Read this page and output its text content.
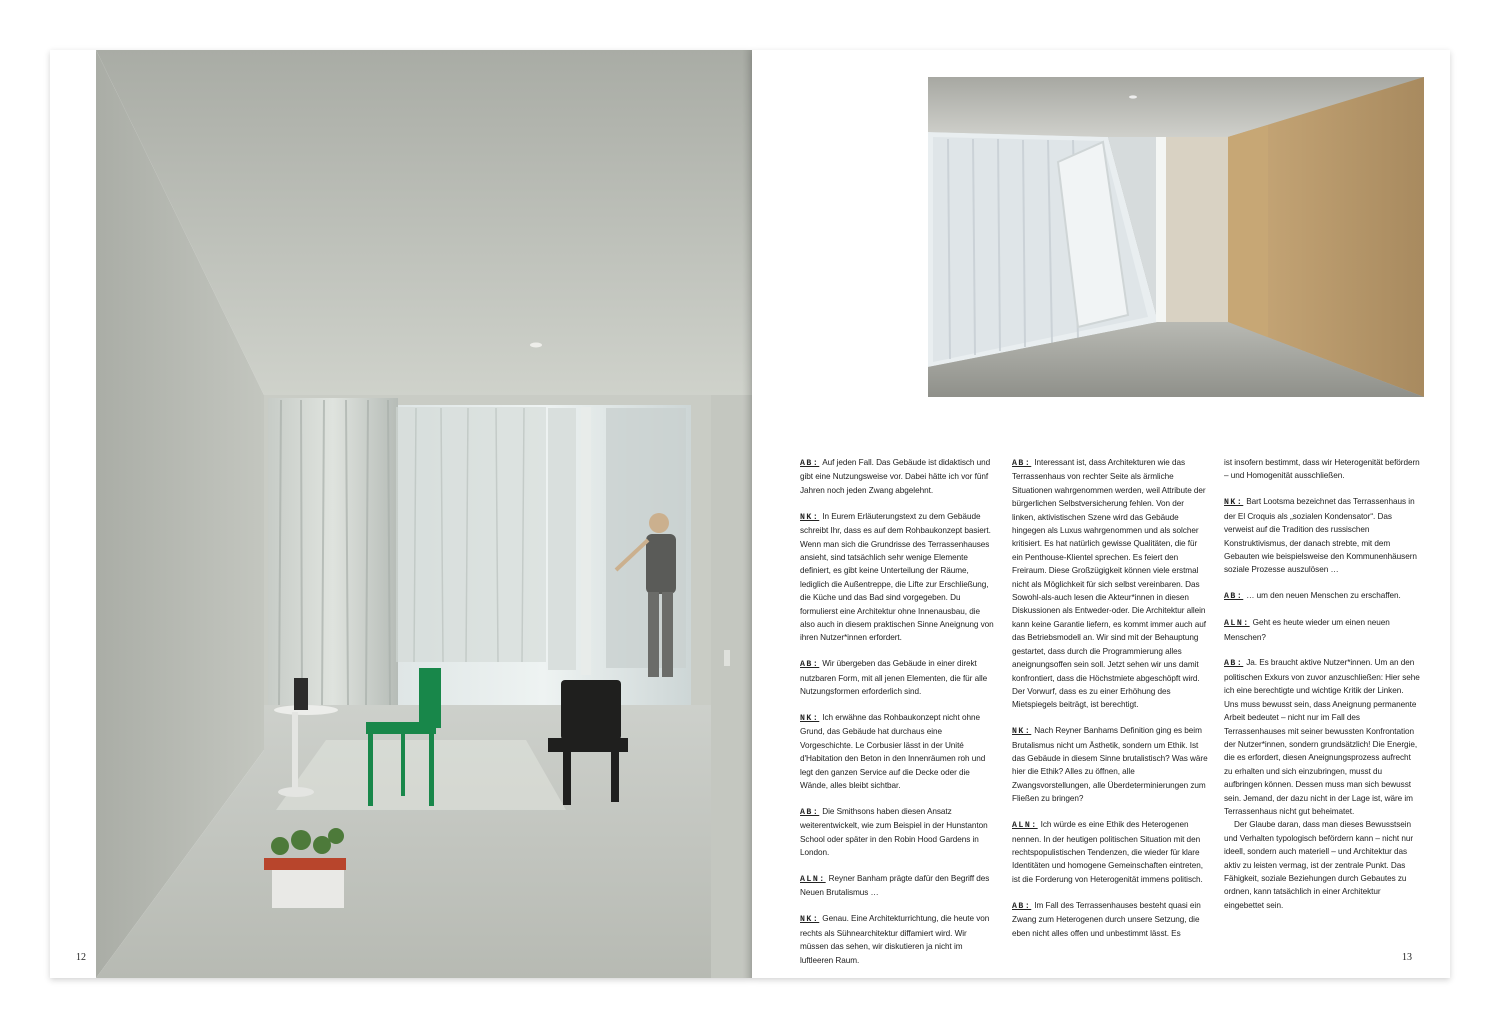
12

AB: Auf jeden Fall. Das Gebäude ist didaktisch und gibt eine Nutzungsweise vor. Dabei hätte ich vor fünf Jahren noch jeden Zwang abgelehnt.

NK: In Eurem Erläuterungstext zu dem Gebäude schreibt Ihr, dass es auf dem Rohbaukonzept basiert. Wenn man sich die Grundrisse des Terrassenhauses ansieht, sind tatsächlich sehr wenige Elemente definiert, es gibt keine Unterteilung der Räume, lediglich die Außentreppe, die Lifte zur Erschließung, die Küche und das Bad sind vorgegeben. Du formulierst eine Architektur ohne Innenausbau, die also auch in diesem praktischen Sinne Aneignung von ihren Nutzer*innen erfordert.

AB: Wir übergeben das Gebäude in einer direkt nutzbaren Form, mit all jenen Elementen, die für alle Nutzungsformen erforderlich sind.

NK: Ich erwähne das Rohbaukonzept nicht ohne Grund, das Gebäude hat durchaus eine Vorgeschichte. Le Corbusier lässt in der Unité d'Habitation den Beton in den Innenräumen roh und legt den ganzen Service auf die Decke oder die Wände, alles bleibt sichtbar.

AB: Die Smithsons haben diesen Ansatz weiterentwickelt, wie zum Beispiel in der Hunstanton School oder später in den Robin Hood Gardens in London.

ALN: Reyner Banham prägte dafür den Begriff des Neuen Brutalismus …

NK: Genau. Eine Architekturrichtung, die heute von rechts als Sühnearchitektur diffamiert wird. Wir müssen das sehen, wir diskutieren ja nicht im luftleeren Raum.

AB: Interessant ist, dass Architekturen wie das Terrassenhaus von rechter Seite als ärmliche Situationen wahrgenommen werden, weil Attribute der bürgerlichen Selbstversicherung fehlen. Von der linken, aktivistischen Szene wird das Gebäude hingegen als Luxus wahrgenommen und als solcher kritisiert. Es hat natürlich gewisse Qualitäten, die für ein Penthouse-Klientel sprechen. Es feiert den Freiraum. Diese Großzügigkeit können viele erstmal nicht als Möglichkeit für sich selbst vereinbaren. Das Sowohl-als-auch lesen die Akteur*innen in diesen Diskussionen als Entweder-oder. Die Architektur allein kann keine Garantie liefern, es kommt immer auch auf das Betriebsmodell an. Wir sind mit der Behauptung gestartet, dass durch die Programmierung alles aneignungsoffen sein soll. Jetzt sehen wir uns damit konfrontiert, dass die Höchstmiete abgeschöpft wird. Der Vorwurf, dass es zu einer Erhöhung des Mietspiegels beiträgt, ist berechtigt.

NK: Nach Reyner Banhams Definition ging es beim Brutalismus nicht um Ästhetik, sondern um Ethik. Ist das Gebäude in diesem Sinne brutalistisch? Was wäre hier die Ethik? Alles zu öffnen, alle Zwangsvorstellungen, alle Überdeterminierungen zum Fließen zu bringen?

ALN: Ich würde es eine Ethik des Heterogenen nennen. In der heutigen politischen Situation mit den rechtspopulistischen Tendenzen, die wieder für klare Identitäten und homogene Gemeinschaften eintreten, ist die Forderung von Heterogenität immens politisch.

AB: Im Fall des Terrassenhauses besteht quasi ein Zwang zum Heterogenen durch unsere Setzung, die eben nicht alles offen und unbestimmt lässt. Es

ist insofern bestimmt, dass wir Heterogenität befördern – und Homogenität ausschließen.

NK: Bart Lootsma bezeichnet das Terrassenhaus in der El Croquis als „sozialen Kondensator“. Das verweist auf die Tradition des russischen Konstruktivismus, der danach strebte, mit dem Gebauten wie beispielsweise den Kommunenhäusern soziale Prozesse auszulösen …

AB: … um den neuen Menschen zu erschaffen.

ALN: Geht es heute wieder um einen neuen Menschen?

AB: Ja. Es braucht aktive Nutzer*innen. Um an den politischen Exkurs von zuvor anzuschließen: Hier sehe ich eine berechtigte und wichtige Kritik der Linken. Uns muss bewusst sein, dass Aneignung permanente Arbeit bedeutet – nicht nur im Fall des Terrassenhauses mit seiner bewussten Konfrontation der Nutzer*innen, sondern grundsätzlich! Die Energie, die es erfordert, diesen Aneignungsprozess aufrecht zu erhalten und sich einzubringen, musst du aufbringen können. Dessen muss man sich bewusst sein. Jemand, der dazu nicht in der Lage ist, wäre im Terrassenhaus nicht gut beheimatet.

Der Glaube daran, dass man dieses Bewusstsein und Verhalten typologisch befördern kann – nicht nur ideell, sondern auch materiell – und Architektur das aktiv zu leisten vermag, ist der zentrale Punkt. Das Fähigkeit, soziale Beziehungen durch Gebautes zu ordnen, kann tatsächlich in einer Architektur eingebettet sein.

13
